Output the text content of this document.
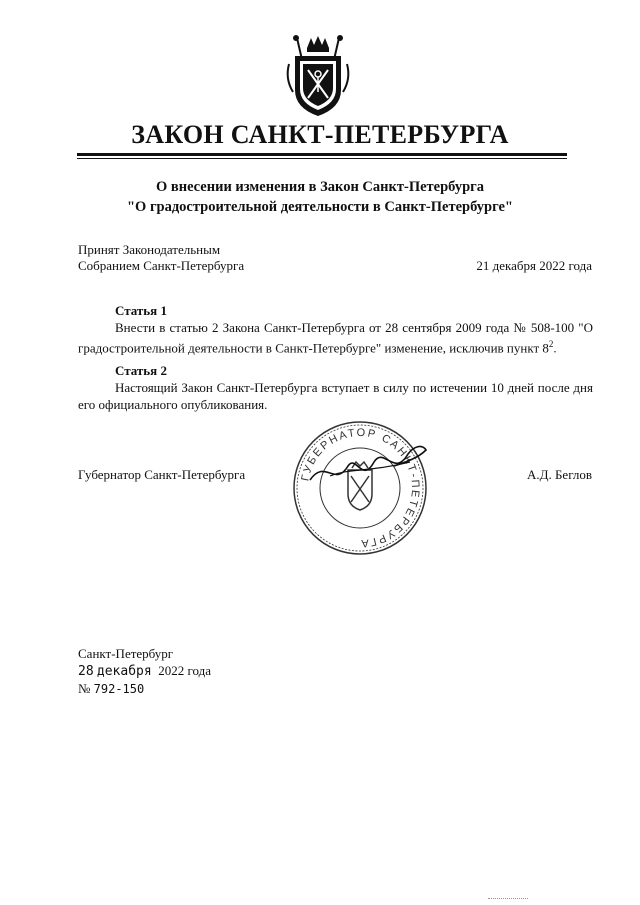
ЗАКОН САНКТ-ПЕТЕРБУРГА
О внесении изменения в Закон Санкт-Петербурга
"О градостроительной деятельности в Санкт-Петербурге"
Принят Законодательным
Собранием Санкт-Петербурга	21 декабря 2022 года
Статья 1
Внести в статью 2 Закона Санкт-Петербурга от 28 сентября 2009 года № 508-100 "О градостроительной деятельности в Санкт-Петербурге" изменение, исключив пункт $8^2$.
Статья 2
Настоящий Закон Санкт-Петербурга вступает в силу по истечении 10 дней после дня его официального опубликования.
Губернатор Санкт-Петербурга	А.Д. Беглов
ГУБЕРНАТОР САНКТ-ПЕТЕРБУРГА
Санкт-Петербург
28 декабря 2022 года
№ 792-150
